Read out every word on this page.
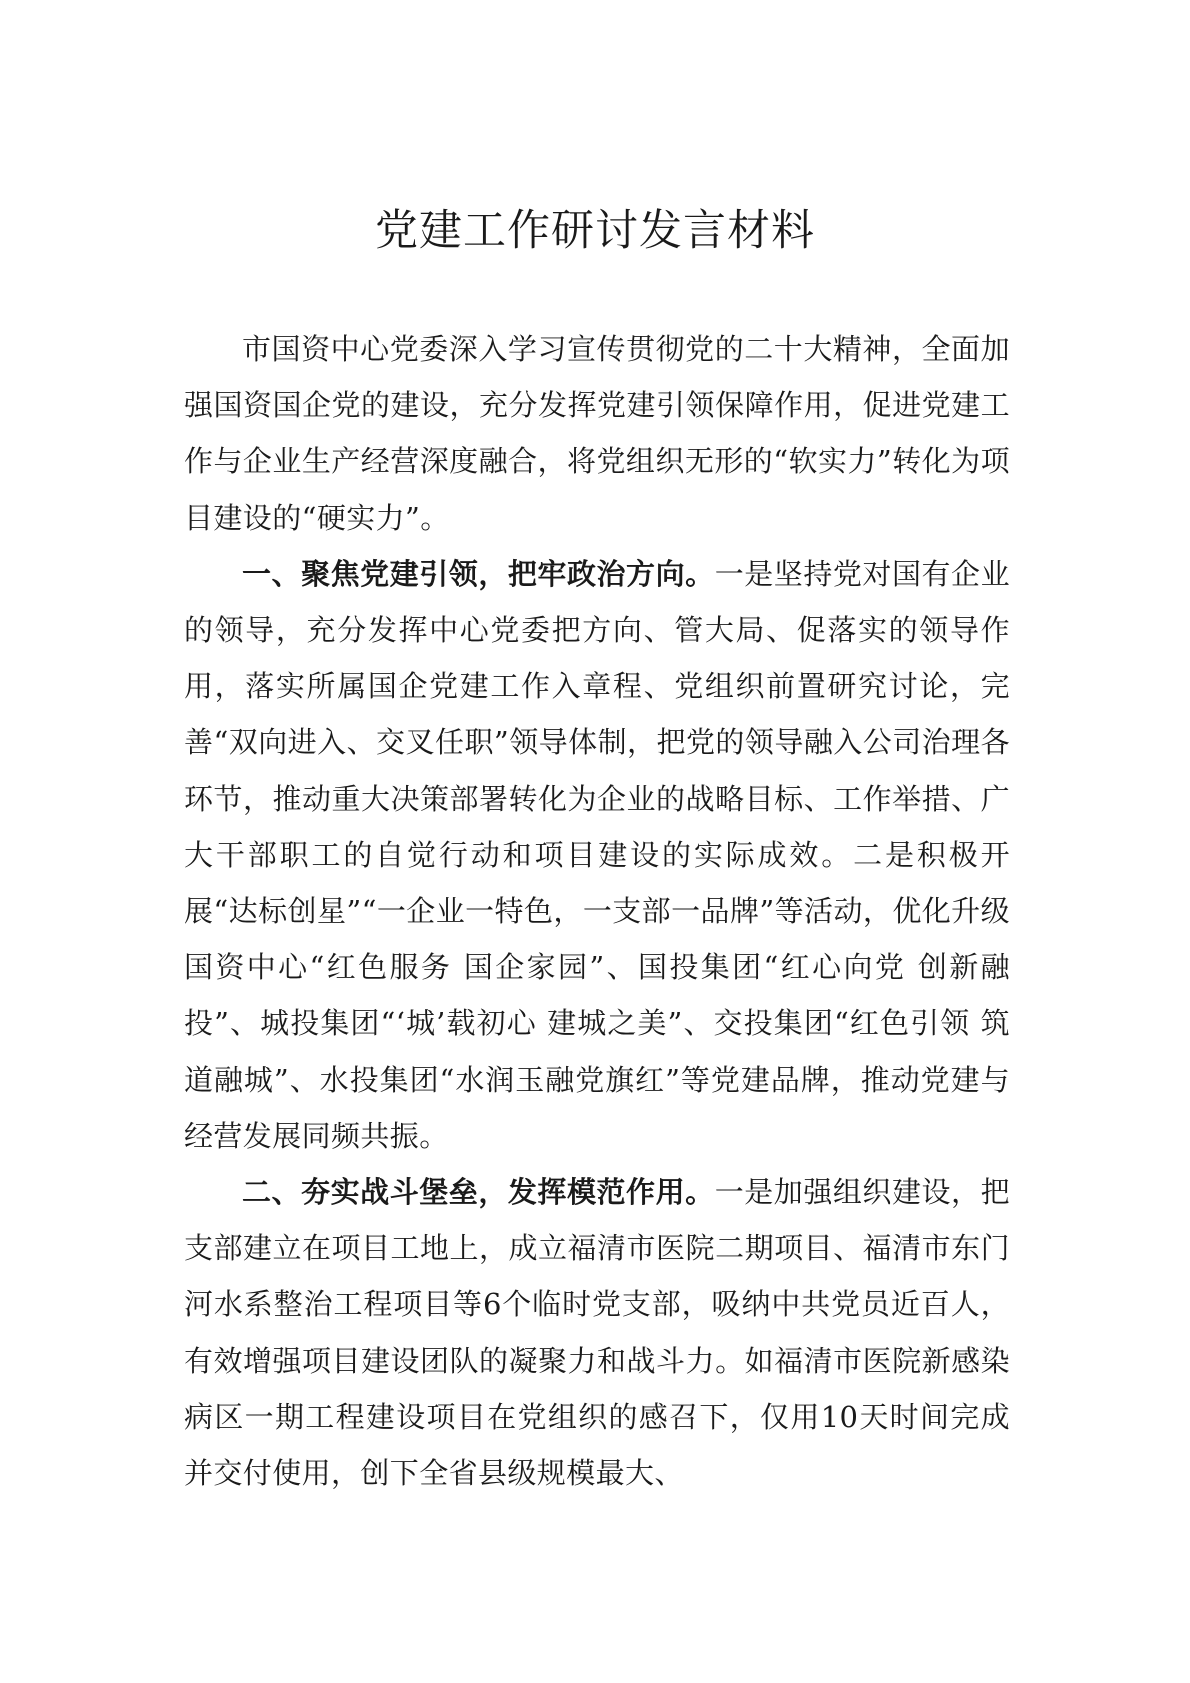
党建工作研讨发言材料

市国资中心党委深入学习宣传贯彻党的二十大精神，全面加强国资国企党的建设，充分发挥党建引领保障作用，促进党建工作与企业生产经营深度融合，将党组织无形的“软实力”转化为项目建设的“硬实力”。

一、聚焦党建引领，把牢政治方向。一是坚持党对国有企业的领导，充分发挥中心党委把方向、管大局、促落实的领导作用，落实所属国企党建工作入章程、党组织前置研究讨论，完善“双向进入、交叉任职”领导体制，把党的领导融入公司治理各环节，推动重大决策部署转化为企业的战略目标、工作举措、广大干部职工的自觉行动和项目建设的实际成效。二是积极开展“达标创星”“一企业一特色，一支部一品牌”等活动，优化升级国资中心“红色服务 国企家园”、国投集团“红心向党 创新融投”、城投集团“‘城’载初心 建城之美”、交投集团“红色引领 筑道融城”、水投集团“水润玉融党旗红”等党建品牌，推动党建与经营发展同频共振。

二、夯实战斗堡垒，发挥模范作用。一是加强组织建设，把支部建立在项目工地上，成立福清市医院二期项目、福清市东门河水系整治工程项目等6个临时党支部，吸纳中共党员近百人，有效增强项目建设团队的凝聚力和战斗力。如福清市医院新感染病区一期工程建设项目在党组织的感召下，仅用10天时间完成并交付使用，创下全省县级规模最大、
